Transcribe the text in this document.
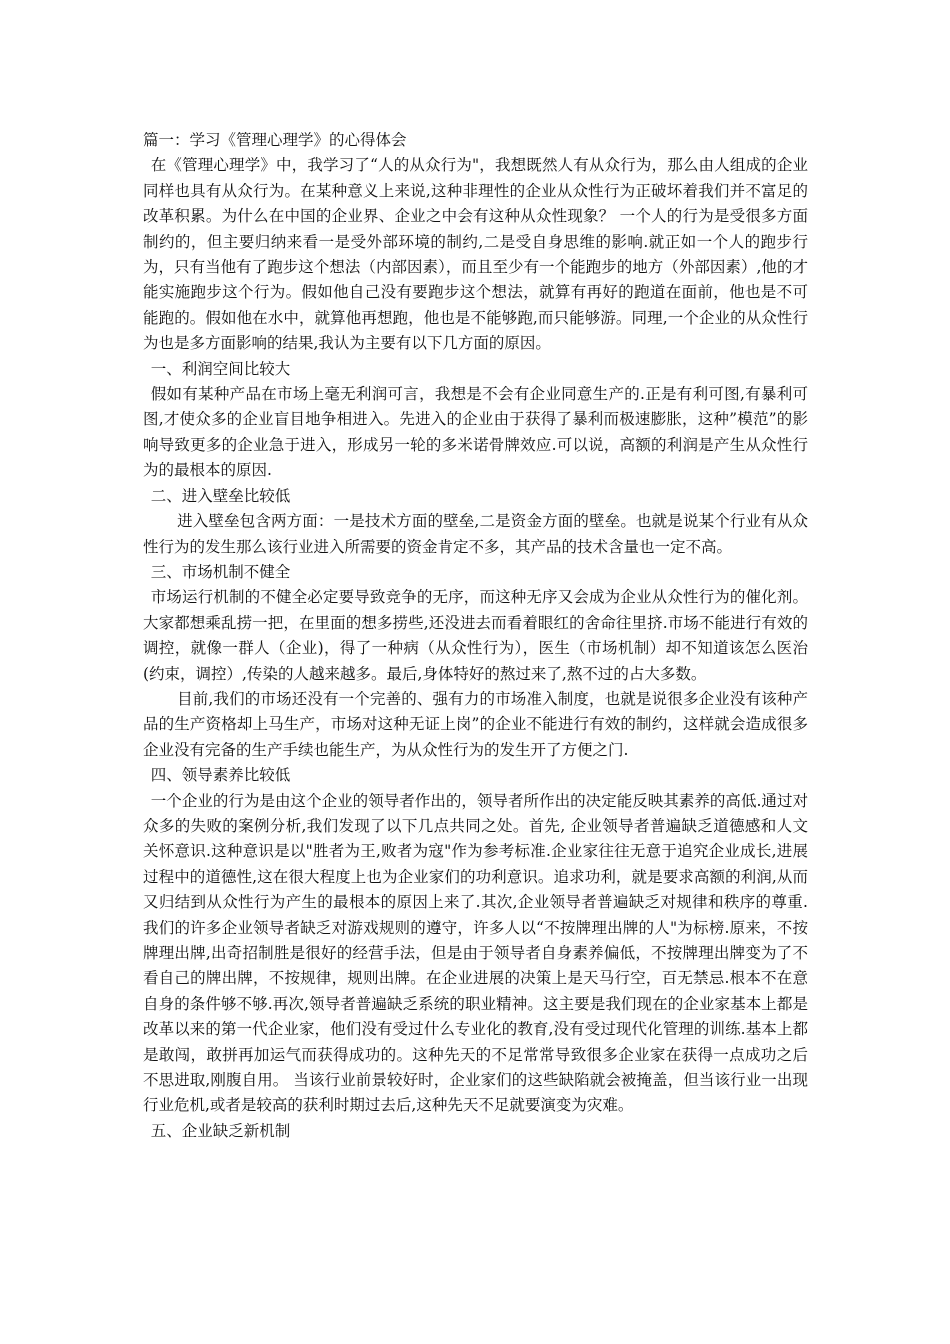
篇一：学习《管理心理学》的心得体会

在《管理心理学》中，我学习了“人的从众行为"，我想既然人有从众行为，那么由人组成的企业同样也具有从众行为。在某种意义上来说,这种非理性的企业从众性行为正破坏着我们并不富足的改革积累。为什么在中国的企业界、企业之中会有这种从众性现象？ 一个人的行为是受很多方面制约的，但主要归纳来看一是受外部环境的制约,二是受自身思维的影响.就正如一个人的跑步行为，只有当他有了跑步这个想法（内部因素），而且至少有一个能跑步的地方（外部因素）,他的才能实施跑步这个行为。假如他自己没有要跑步这个想法，就算有再好的跑道在面前，他也是不可能跑的。假如他在水中，就算他再想跑，他也是不能够跑,而只能够游。同理,一个企业的从众性行为也是多方面影响的结果,我认为主要有以下几方面的原因。

一、利润空间比较大

假如有某种产品在市场上毫无利润可言，我想是不会有企业同意生产的.正是有利可图,有暴利可图,才使众多的企业盲目地争相进入。先进入的企业由于获得了暴利而极速膨胀，这种”模范”的影响导致更多的企业急于进入，形成另一轮的多米诺骨牌效应.可以说，高额的利润是产生从众性行为的最根本的原因.

二、进入壁垒比较低

进入壁垒包含两方面：一是技术方面的壁垒,二是资金方面的壁垒。也就是说某个行业有从众性行为的发生那么该行业进入所需要的资金肯定不多，其产品的技术含量也一定不高。

三、市场机制不健全

市场运行机制的不健全必定要导致竞争的无序，而这种无序又会成为企业从众性行为的催化剂。大家都想乘乱捞一把，在里面的想多捞些,还没进去而看着眼红的舍命往里挤.市场不能进行有效的调控，就像一群人（企业)，得了一种病（从众性行为），医生（市场机制）却不知道该怎么医治(约束，调控）,传染的人越来越多。最后,身体特好的熬过来了,熬不过的占大多数。

目前,我们的市场还没有一个完善的、强有力的市场准入制度，也就是说很多企业没有该种产品的生产资格却上马生产，市场对这种无证上岗”的企业不能进行有效的制约，这样就会造成很多企业没有完备的生产手续也能生产，为从众性行为的发生开了方便之门.

四、领导素养比较低

一个企业的行为是由这个企业的领导者作出的，领导者所作出的决定能反映其素养的高低.通过对众多的失败的案例分析,我们发现了以下几点共同之处。首先, 企业领导者普遍缺乏道德感和人文关怀意识.这种意识是以"胜者为王,败者为寇"作为参考标准.企业家往往无意于追究企业成长,进展过程中的道德性,这在很大程度上也为企业家们的功利意识。追求功利，就是要求高额的利润,从而又归结到从众性行为产生的最根本的原因上来了.其次,企业领导者普遍缺乏对规律和秩序的尊重.我们的许多企业领导者缺乏对游戏规则的遵守，许多人以“不按牌理出牌的人"为标榜.原来，不按牌理出牌,出奇招制胜是很好的经营手法，但是由于领导者自身素养偏低，不按牌理出牌变为了不看自己的牌出牌，不按规律，规则出牌。在企业进展的决策上是天马行空，百无禁忌.根本不在意自身的条件够不够.再次,领导者普遍缺乏系统的职业精神。这主要是我们现在的企业家基本上都是改革以来的第一代企业家，他们没有受过什么专业化的教育,没有受过现代化管理的训练.基本上都是敢闯，敢拼再加运气而获得成功的。这种先天的不足常常导致很多企业家在获得一点成功之后不思进取,刚腹自用。 当该行业前景较好时，企业家们的这些缺陷就会被掩盖，但当该行业一出现行业危机,或者是较高的获利时期过去后,这种先天不足就要演变为灾难。

五、企业缺乏新机制
